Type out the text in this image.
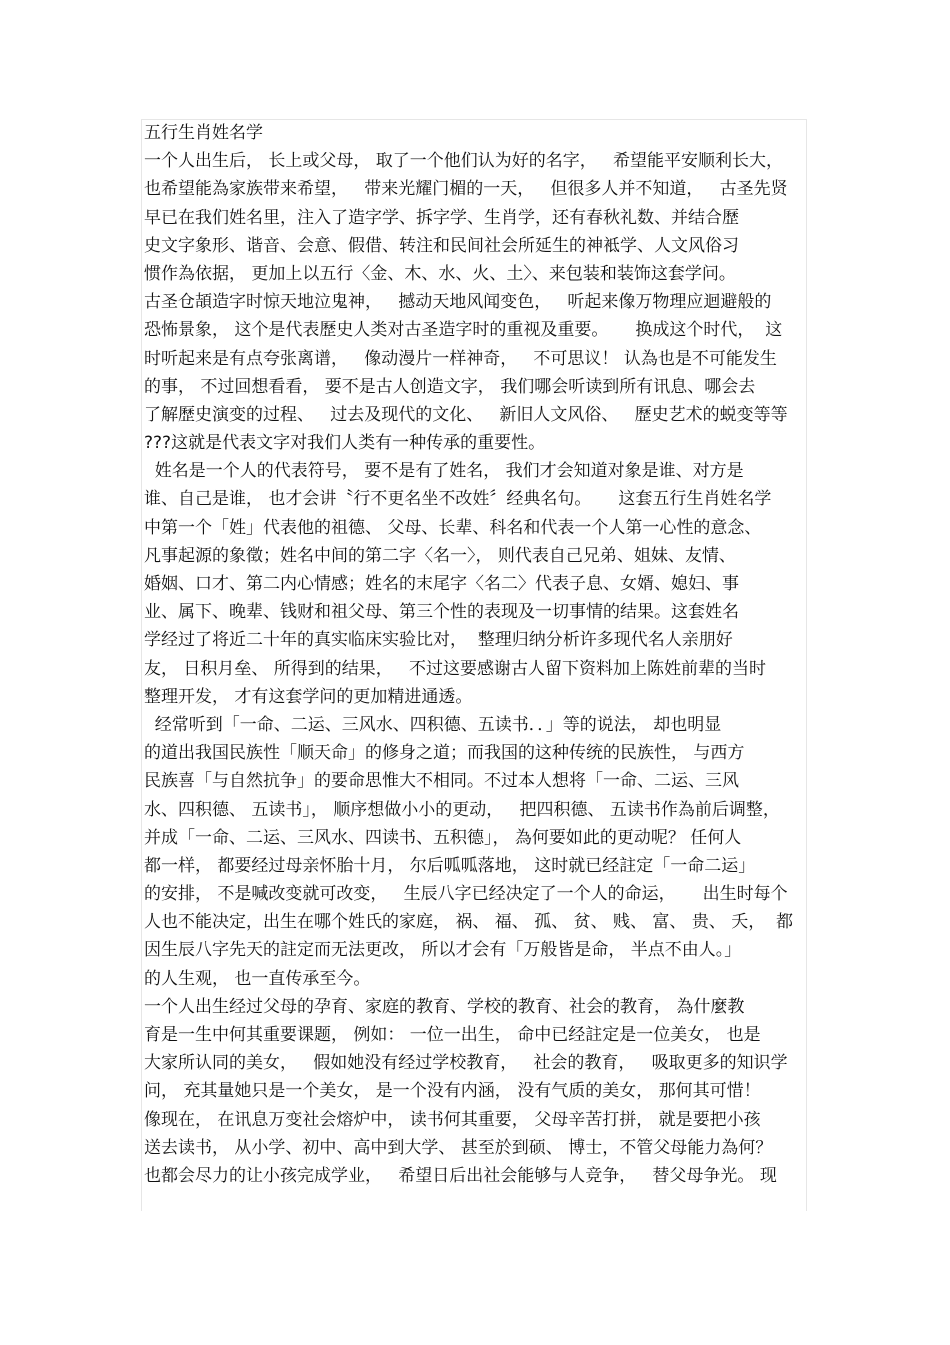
五行生肖姓名学
一个人出生后， 长上或父母， 取了一个他们认为好的名字，   希望能平安顺利长大，
也希望能為家族带来希望，   带来光耀门楣的一天，   但很多人并不知道，   古圣先贤
早已在我们姓名里，注入了造字学、拆字学、生肖学，还有春秋礼数、并结合歷
史文字象形、谐音、会意、假借、转注和民间社会所延生的神袛学、人文风俗习
惯作為依据， 更加上以五行〈金、木、水、火、土〉、来包装和装饰这套学问。
古圣仓頡造字时惊天地泣鬼神，   撼动天地风闻变色，   听起来像万物理应迴避般的
恐怖景象， 这个是代表歷史人类对古圣造字时的重视及重要。     换成这个时代，  这
时听起来是有点夸张离谱，   像动漫片一样神奇，   不可思议！ 认為也是不可能发生
的事， 不过回想看看， 要不是古人创造文字， 我们哪会听读到所有讯息、哪会去
了解歷史演变的过程、   过去及现代的文化、   新旧人文风俗、   歷史艺术的蜕变等等
???这就是代表文字对我们人类有一种传承的重要性。
姓名是一个人的代表符号， 要不是有了姓名， 我们才会知道对象是谁、对方是
谁、自己是谁， 也才会讲〝行不更名坐不改姓〞经典名句。     这套五行生肖姓名学
中第一个「姓」代表他的祖德、 父母、长辈、科名和代表一个人第一心性的意念、
凡事起源的象徵；姓名中间的第二字〈名一〉， 则代表自己兄弟、姐妹、友情、
婚姻、口才、第二内心情感；姓名的末尾字〈名二〉代表子息、女婿、媳妇、事
业、属下、晚辈、钱财和祖父母、第三个性的表现及一切事情的结果。这套姓名
学经过了将近二十年的真实临床实验比对，  整理归纳分析许多现代名人亲朋好
友， 日积月垒、 所得到的结果，   不过这要感谢古人留下资料加上陈姓前辈的当时
整理开发， 才有这套学问的更加精进通透。
经常听到「一命、二运、三风水、四积德、五读书．．」等的说法， 却也明显
的道出我国民族性「顺天命」的修身之道；而我国的这种传统的民族性， 与西方
民族喜「与自然抗争」的要命思惟大不相同。不过本人想将「一命、二运、三风
水、四积德、 五读书」， 顺序想做小小的更动，   把四积德、 五读书作為前后调整，
并成「一命、二运、三风水、四读书、五积德」， 為何要如此的更动呢？ 任何人
都一样， 都要经过母亲怀胎十月， 尔后呱呱落地， 这时就已经註定「一命二运」
的安排， 不是喊改变就可改变，   生辰八字已经决定了一个人的命运，     出生时每个
人也不能决定，出生在哪个姓氏的家庭， 祸、 福、 孤、 贫、 贱、 富、 贵、 夭，  都
因生辰八字先天的註定而无法更改， 所以才会有「万般皆是命， 半点不由人。」
的人生观， 也一直传承至今。
一个人出生经过父母的孕育、家庭的教育、学校的教育、社会的教育， 為什麼教
育是一生中何其重要课题， 例如： 一位一出生， 命中已经註定是一位美女， 也是
大家所认同的美女，   假如她没有经过学校教育，   社会的教育，   吸取更多的知识学
问， 充其量她只是一个美女， 是一个没有内涵， 没有气质的美女， 那何其可惜！
像现在， 在讯息万变社会熔炉中， 读书何其重要， 父母辛苦打拼， 就是要把小孩
送去读书， 从小学、初中、高中到大学、 甚至於到硕、 博士，不管父母能力為何？
也都会尽力的让小孩完成学业，   希望日后出社会能够与人竞争，   替父母争光。 现
